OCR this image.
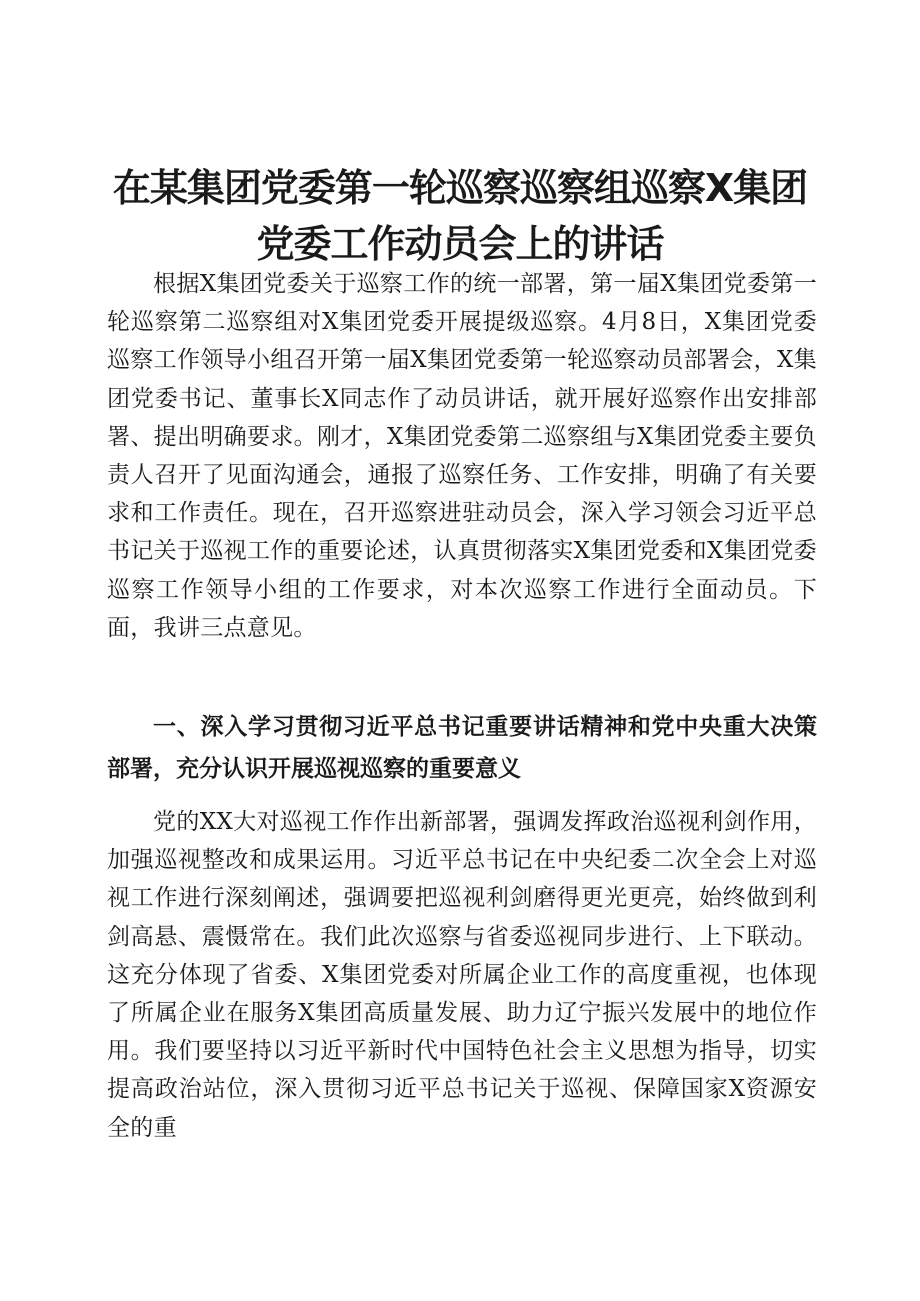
在某集团党委第一轮巡察巡察组巡察X集团
党委工作动员会上的讲话

根据X集团党委关于巡察工作的统一部署，第一届X集团党委第一轮巡察第二巡察组对X集团党委开展提级巡察。4月8日，X集团党委巡察工作领导小组召开第一届X集团党委第一轮巡察动员部署会，X集团党委书记、董事长X同志作了动员讲话，就开展好巡察作出安排部署、提出明确要求。刚才，X集团党委第二巡察组与X集团党委主要负责人召开了见面沟通会，通报了巡察任务、工作安排，明确了有关要求和工作责任。现在，召开巡察进驻动员会，深入学习领会习近平总书记关于巡视工作的重要论述，认真贯彻落实X集团党委和X集团党委巡察工作领导小组的工作要求，对本次巡察工作进行全面动员。下面，我讲三点意见。

一、深入学习贯彻习近平总书记重要讲话精神和党中央重大决策部署，充分认识开展巡视巡察的重要意义

党的XX大对巡视工作作出新部署，强调发挥政治巡视利剑作用，加强巡视整改和成果运用。习近平总书记在中央纪委二次全会上对巡视工作进行深刻阐述，强调要把巡视利剑磨得更光更亮，始终做到利剑高悬、震慑常在。我们此次巡察与省委巡视同步进行、上下联动。这充分体现了省委、X集团党委对所属企业工作的高度重视，也体现了所属企业在服务X集团高质量发展、助力辽宁振兴发展中的地位作用。我们要坚持以习近平新时代中国特色社会主义思想为指导，切实提高政治站位，深入贯彻习近平总书记关于巡视、保障国家X资源安全的重
